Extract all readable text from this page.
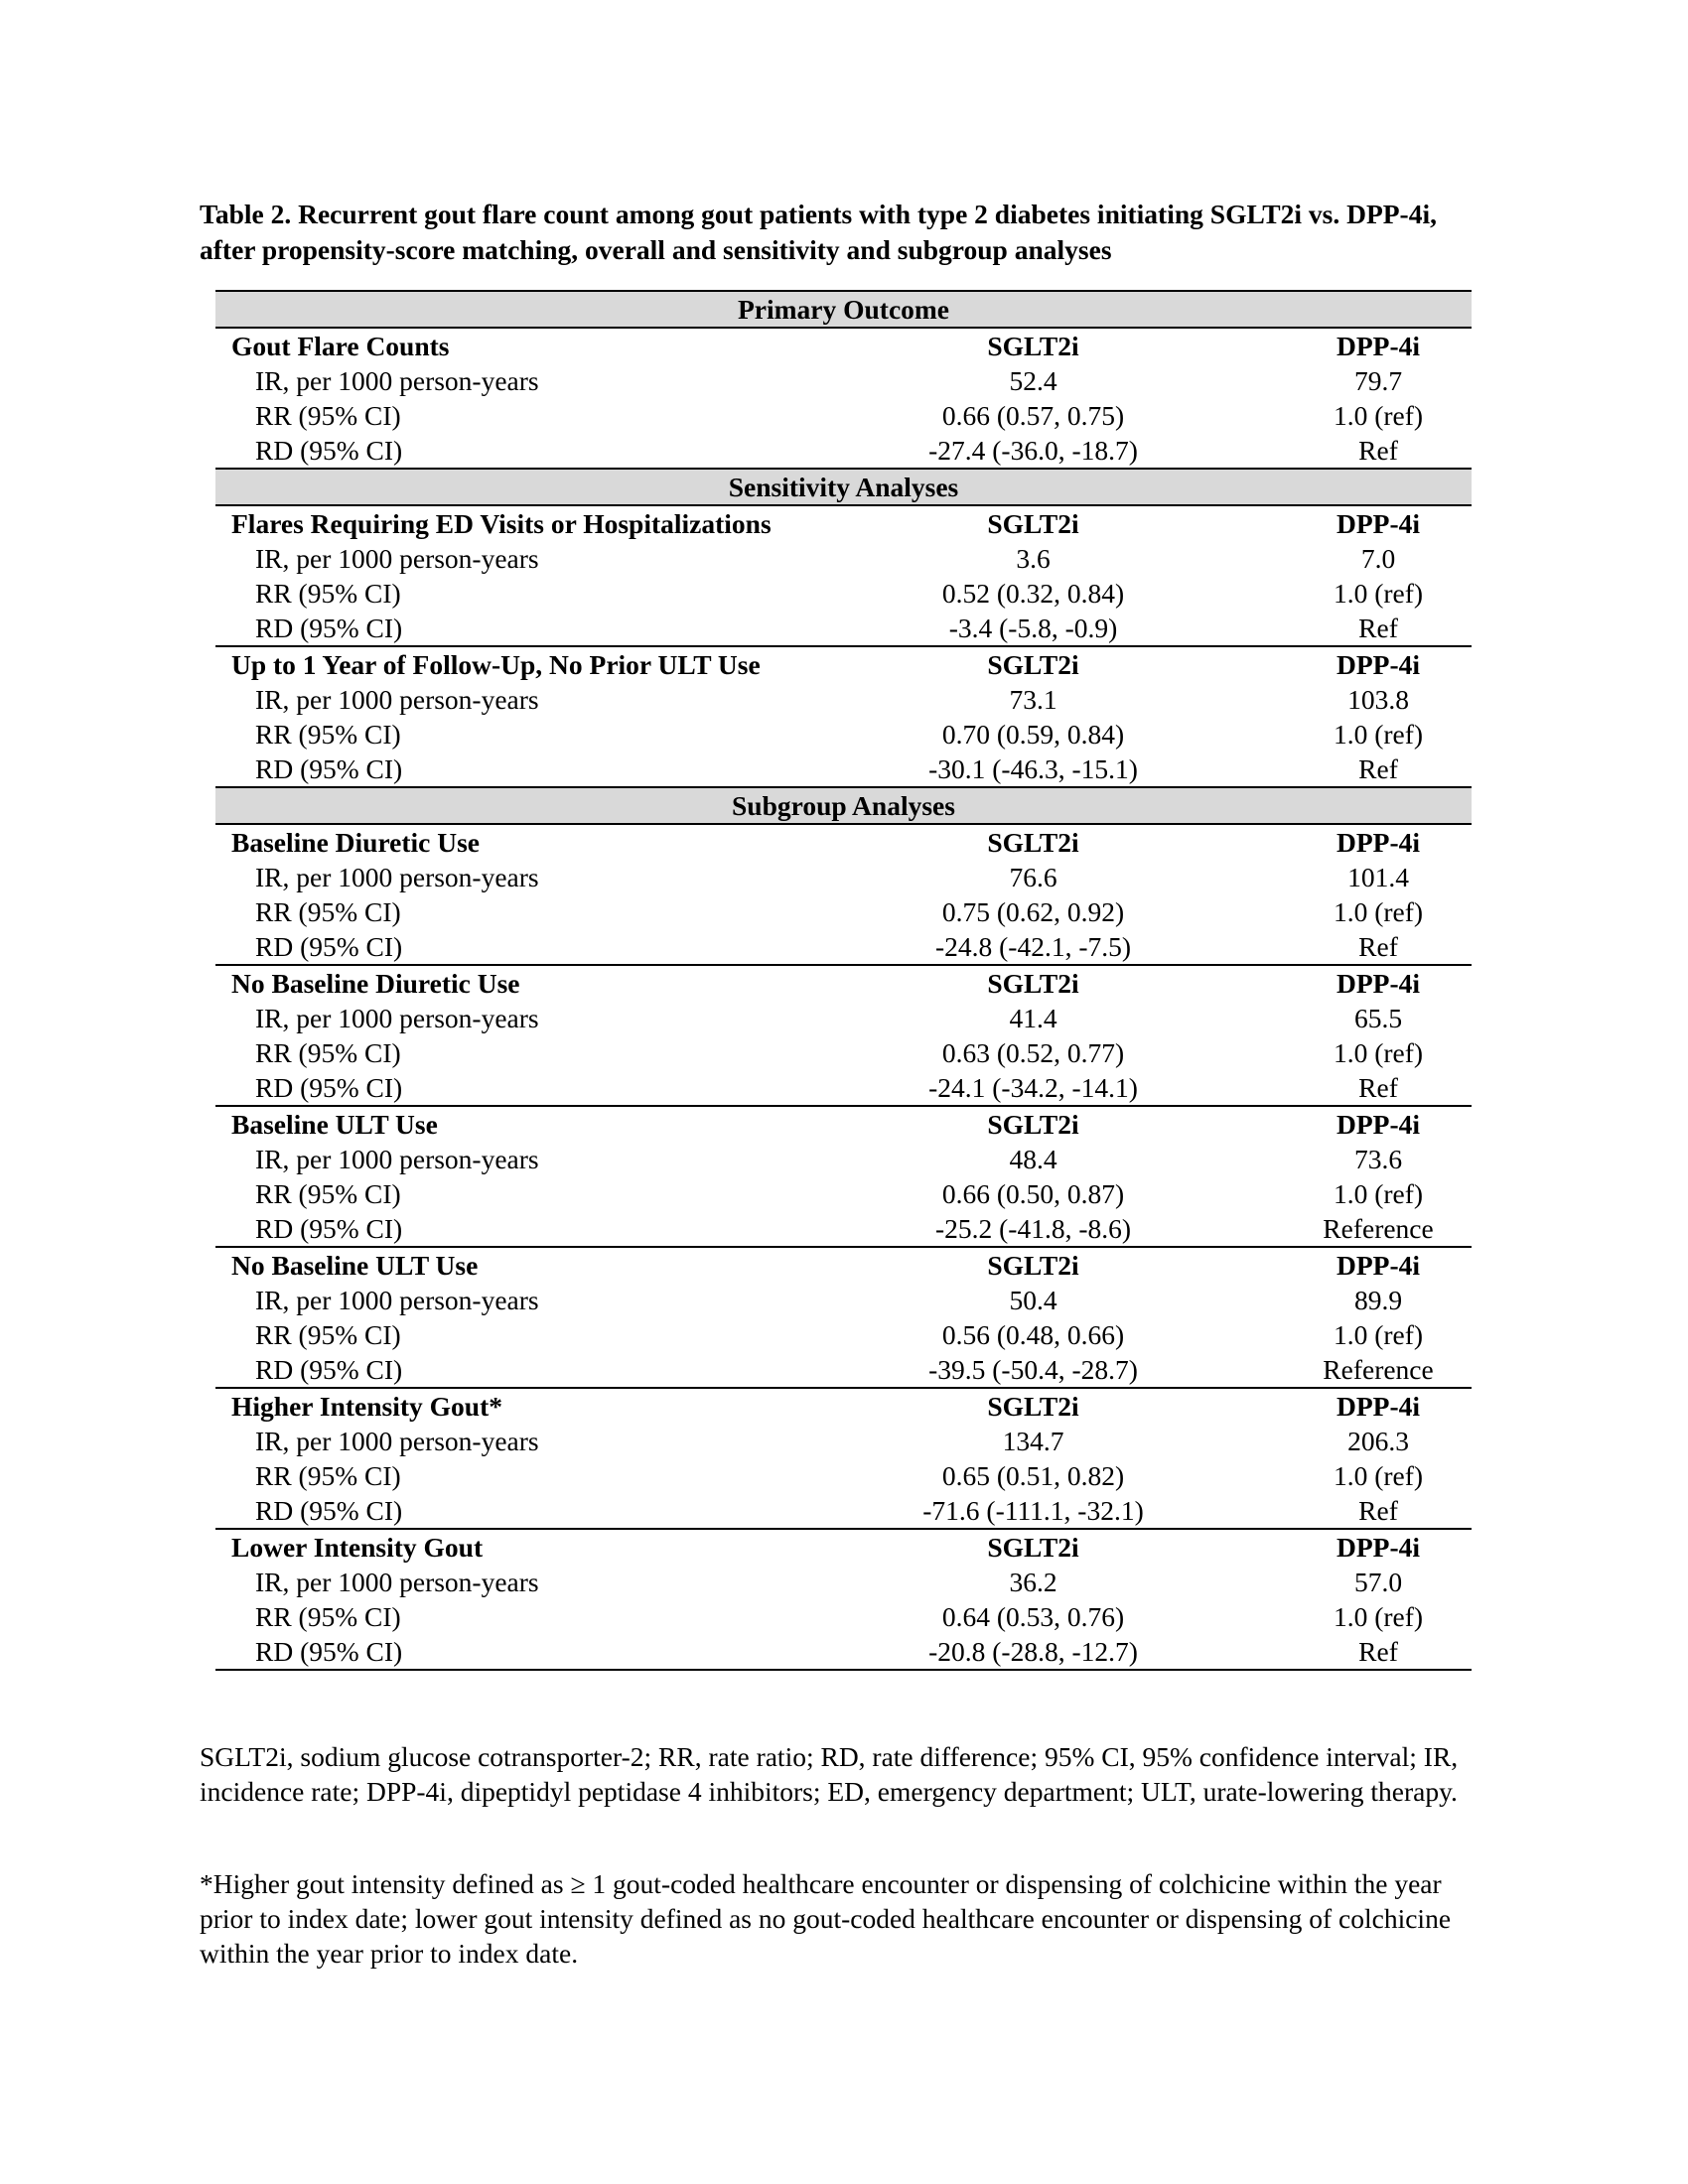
Table 2. Recurrent gout flare count among gout patients with type 2 diabetes initiating SGLT2i vs. DPP-4i, after propensity-score matching, overall and sensitivity and subgroup analyses
Primary Outcome		
Gout Flare Counts	SGLT2i	DPP-4i
IR, per 1000 person-years	52.4	79.7
RR (95% CI)	0.66 (0.57, 0.75)	1.0 (ref)
RD (95% CI)	-27.4 (-36.0, -18.7)	Ref
Sensitivity Analyses		
Flares Requiring ED Visits or Hospitalizations	SGLT2i	DPP-4i
IR, per 1000 person-years	3.6	7.0
RR (95% CI)	0.52 (0.32, 0.84)	1.0 (ref)
RD (95% CI)	-3.4 (-5.8, -0.9)	Ref
Up to 1 Year of Follow-Up, No Prior ULT Use	SGLT2i	DPP-4i
IR, per 1000 person-years	73.1	103.8
RR (95% CI)	0.70 (0.59, 0.84)	1.0 (ref)
RD (95% CI)	-30.1 (-46.3, -15.1)	Ref
Subgroup Analyses		
Baseline Diuretic Use	SGLT2i	DPP-4i
IR, per 1000 person-years	76.6	101.4
RR (95% CI)	0.75 (0.62, 0.92)	1.0 (ref)
RD (95% CI)	-24.8 (-42.1, -7.5)	Ref
No Baseline Diuretic Use	SGLT2i	DPP-4i
IR, per 1000 person-years	41.4	65.5
RR (95% CI)	0.63 (0.52, 0.77)	1.0 (ref)
RD (95% CI)	-24.1 (-34.2, -14.1)	Ref
Baseline ULT Use	SGLT2i	DPP-4i
IR, per 1000 person-years	48.4	73.6
RR (95% CI)	0.66 (0.50, 0.87)	1.0 (ref)
RD (95% CI)	-25.2 (-41.8, -8.6)	Reference
No Baseline ULT Use	SGLT2i	DPP-4i
IR, per 1000 person-years	50.4	89.9
RR (95% CI)	0.56 (0.48, 0.66)	1.0 (ref)
RD (95% CI)	-39.5 (-50.4, -28.7)	Reference
Higher Intensity Gout*	SGLT2i	DPP-4i
IR, per 1000 person-years	134.7	206.3
RR (95% CI)	0.65 (0.51, 0.82)	1.0 (ref)
RD (95% CI)	-71.6 (-111.1, -32.1)	Ref
Lower Intensity Gout	SGLT2i	DPP-4i
IR, per 1000 person-years	36.2	57.0
RR (95% CI)	0.64 (0.53, 0.76)	1.0 (ref)
RD (95% CI)	-20.8 (-28.8, -12.7)	Ref
SGLT2i, sodium glucose cotransporter-2; RR, rate ratio; RD, rate difference; 95% CI, 95% confidence interval; IR, incidence rate; DPP-4i, dipeptidyl peptidase 4 inhibitors; ED, emergency department; ULT, urate-lowering therapy.
*Higher gout intensity defined as ≥ 1 gout-coded healthcare encounter or dispensing of colchicine within the year prior to index date; lower gout intensity defined as no gout-coded healthcare encounter or dispensing of colchicine within the year prior to index date.
